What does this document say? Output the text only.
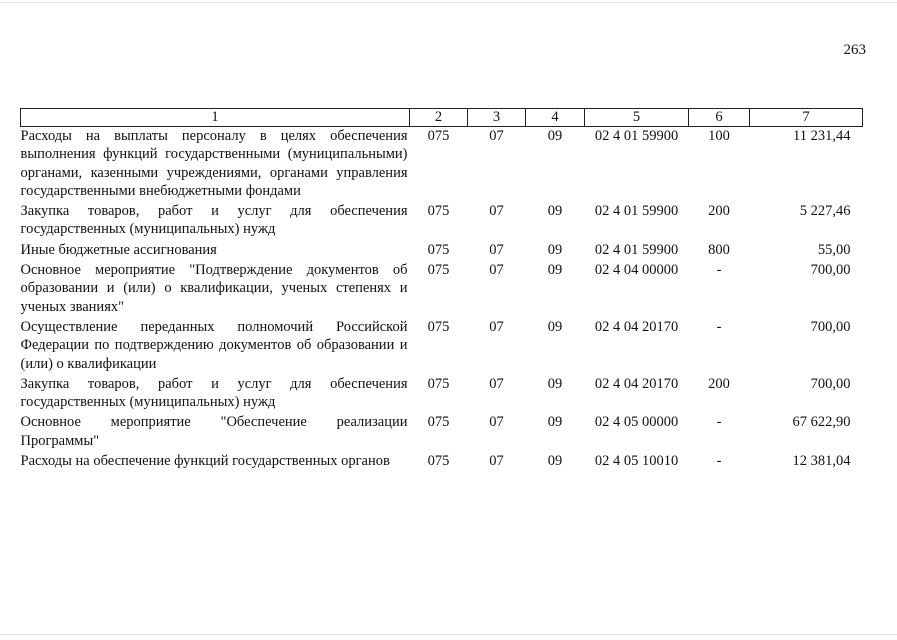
263
1	2	3	4	5	6	7
Расходы на выплаты персоналу в целях обеспечения выполнения функций государственными (муниципальными) органами, казенными учреждениями, органами управления государственными внебюджетными фондами	075	07	09	02 4 01 59900	100	11 231,44
Закупка товаров, работ и услуг для обеспечения государственных (муниципальных) нужд	075	07	09	02 4 01 59900	200	5 227,46
Иные бюджетные ассигнования	075	07	09	02 4 01 59900	800	55,00
Основное мероприятие "Подтверждение документов об образовании и (или) о квалификации, ученых степенях и ученых званиях"	075	07	09	02 4 04 00000	-	700,00
Осуществление переданных полномочий Российской Федерации по подтверждению документов об образовании и (или) о квалификации	075	07	09	02 4 04 20170	-	700,00
Закупка товаров, работ и услуг для обеспечения государственных (муниципальных) нужд	075	07	09	02 4 04 20170	200	700,00
Основное мероприятие "Обеспечение реализации Программы"	075	07	09	02 4 05 00000	-	67 622,90
Расходы на обеспечение функций государственных органов	075	07	09	02 4 05 10010	-	12 381,04
